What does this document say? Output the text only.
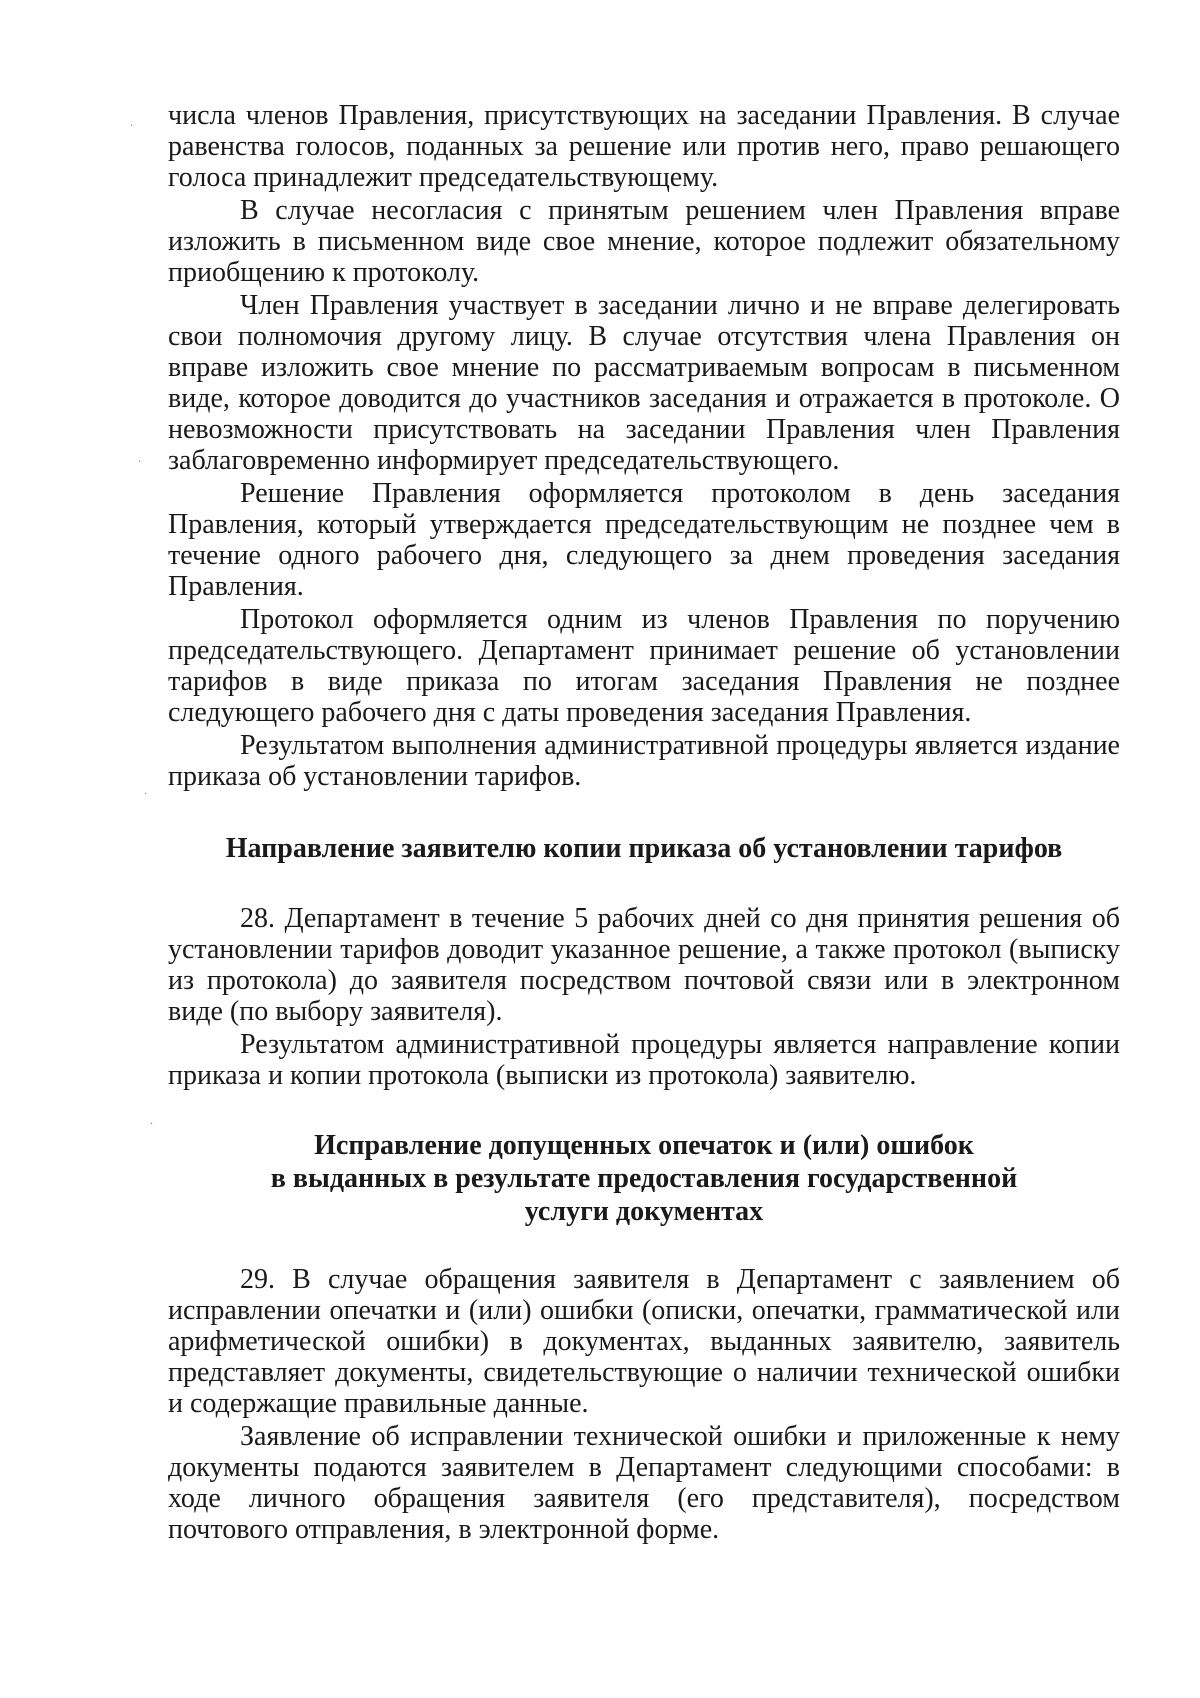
числа членов Правления, присутствующих на заседании Правления. В случае равенства голосов, поданных за решение или против него, право решающего голоса принадлежит председательствующему.

В случае несогласия с принятым решением член Правления вправе изложить в письменном виде свое мнение, которое подлежит обязательному приобщению к протоколу.

Член Правления участвует в заседании лично и не вправе делегировать свои полномочия другому лицу. В случае отсутствия члена Правления он вправе изложить свое мнение по рассматриваемым вопросам в письменном виде, которое доводится до участников заседания и отражается в протоколе. О невозможности присутствовать на заседании Правления член Правления заблаговременно информирует председательствующего.

Решение Правления оформляется протоколом в день заседания Правления, который утверждается председательствующим не позднее чем в течение одного рабочего дня, следующего за днем проведения заседания Правления.

Протокол оформляется одним из членов Правления по поручению председательствующего. Департамент принимает решение об установлении тарифов в виде приказа по итогам заседания Правления не позднее следующего рабочего дня с даты проведения заседания Правления.

Результатом выполнения административной процедуры является издание приказа об установлении тарифов.

Направление заявителю копии приказа об установлении тарифов

28. Департамент в течение 5 рабочих дней со дня принятия решения об установлении тарифов доводит указанное решение, а также протокол (выписку из протокола) до заявителя посредством почтовой связи или в электронном виде (по выбору заявителя).

Результатом административной процедуры является направление копии приказа и копии протокола (выписки из протокола) заявителю.

Исправление допущенных опечаток и (или) ошибок
в выданных в результате предоставления государственной
услуги документах

29. В случае обращения заявителя в Департамент с заявлением об исправлении опечатки и (или) ошибки (описки, опечатки, грамматической или арифметической ошибки) в документах, выданных заявителю, заявитель представляет документы, свидетельствующие о наличии технической ошибки и содержащие правильные данные.

Заявление об исправлении технической ошибки и приложенные к нему документы подаются заявителем в Департамент следующими способами: в ходе личного обращения заявителя (его представителя), посредством почтового отправления, в электронной форме.

·
·
·
·
